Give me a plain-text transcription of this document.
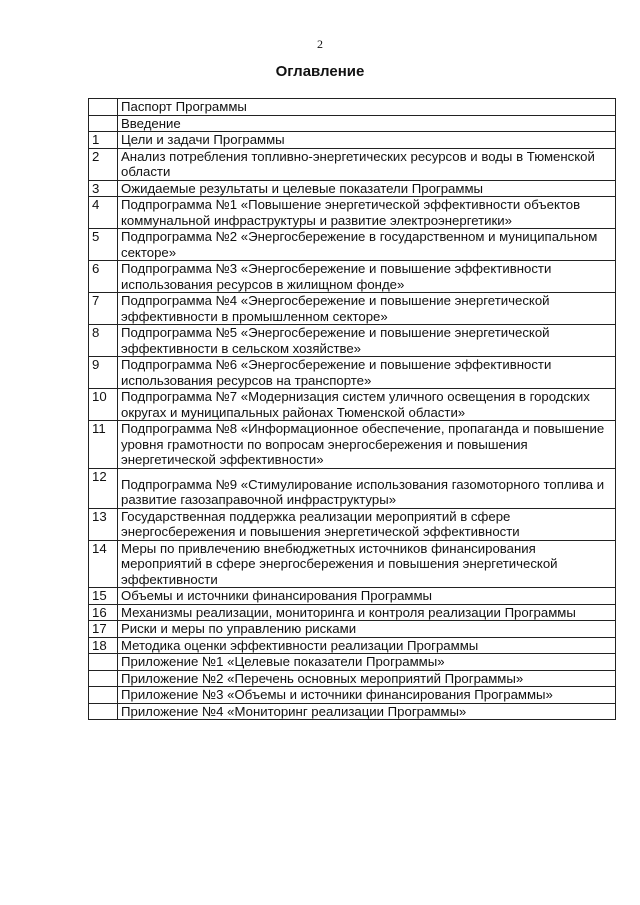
2
Оглавление
	Паспорт Программы
	Введение
1	Цели и задачи Программы
2	Анализ потребления топливно-энергетических ресурсов и воды в Тюменской области
3	Ожидаемые результаты и целевые показатели Программы
4	Подпрограмма №1 «Повышение энергетической эффективности объектов коммунальной инфраструктуры и развитие электроэнергетики»
5	Подпрограмма №2 «Энергосбережение в государственном и муниципальном секторе»
6	Подпрограмма №3 «Энергосбережение и повышение эффективности использования ресурсов в жилищном фонде»
7	Подпрограмма №4 «Энергосбережение и повышение энергетической эффективности в промышленном секторе»
8	Подпрограмма №5 «Энергосбережение и повышение энергетической эффективности в сельском хозяйстве»
9	Подпрограмма №6 «Энергосбережение и повышение эффективности использования ресурсов на транспорте»
10	Подпрограмма №7 «Модернизация систем уличного освещения в городских округах и муниципальных районах Тюменской области»
11	Подпрограмма №8 «Информационное обеспечение, пропаганда и повышение уровня грамотности по вопросам энергосбережения и повышения энергетической эффективности»
12	Подпрограмма №9 «Стимулирование использования газомоторного топлива и развитие газозаправочной инфраструктуры»
13	Государственная поддержка реализации мероприятий в сфере энергосбережения и повышения энергетической эффективности
14	Меры по привлечению внебюджетных источников финансирования мероприятий в сфере энергосбережения и повышения энергетической эффективности
15	Объемы и источники финансирования Программы
16	Механизмы реализации, мониторинга и контроля реализации Программы
17	Риски и меры по управлению рисками
18	Методика оценки эффективности реализации Программы
	Приложение №1 «Целевые показатели Программы»
	Приложение №2 «Перечень основных мероприятий Программы»
	Приложение №3 «Объемы и источники финансирования Программы»
	Приложение №4 «Мониторинг реализации Программы»
